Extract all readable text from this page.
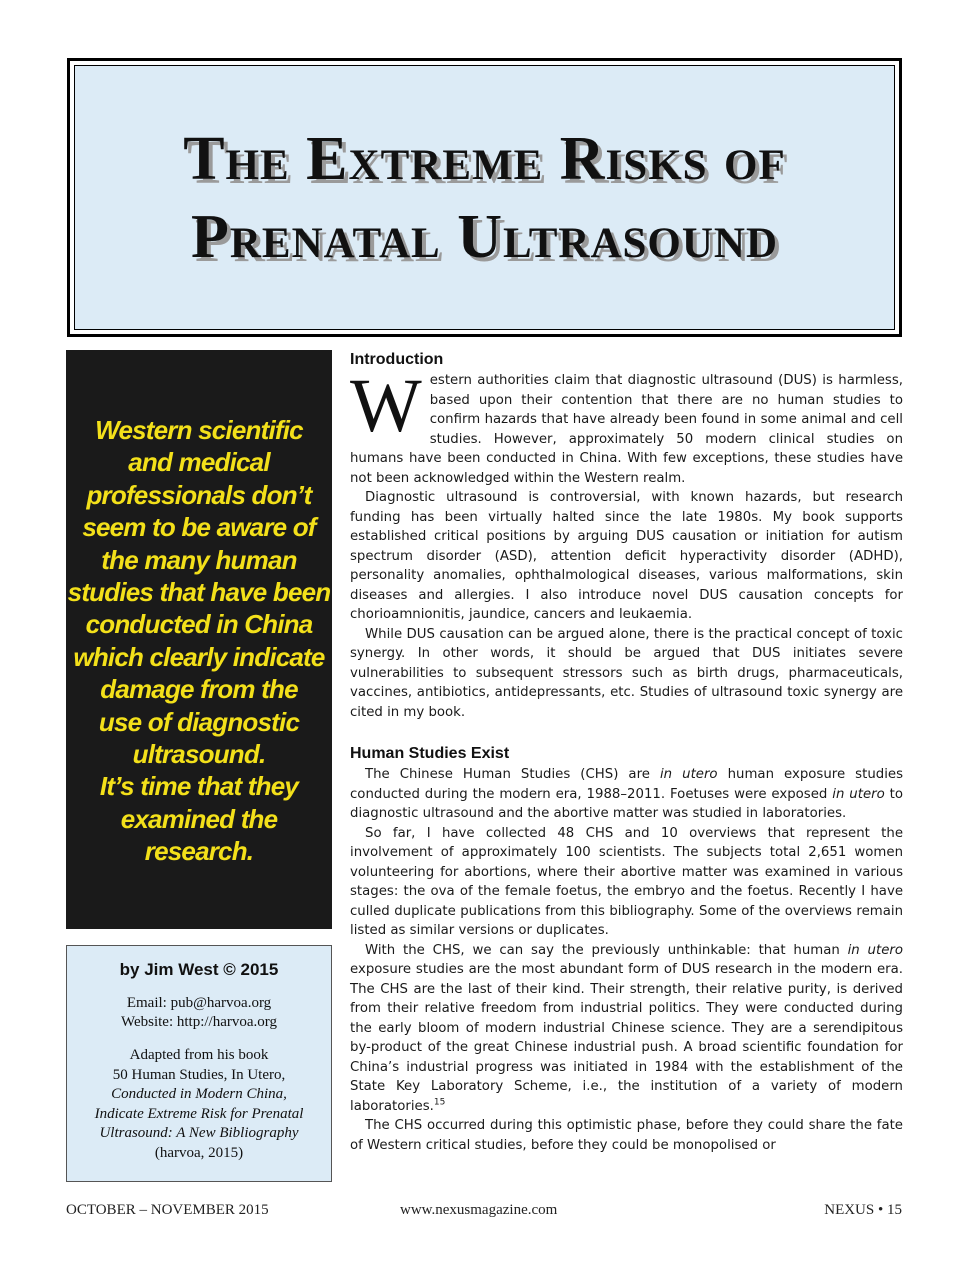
The Extreme Risks of
Prenatal Ultrasound
Western scientific
and medical
professionals don’t
seem to be aware of
the many human
studies that have been
conducted in China
which clearly indicate
damage from the
use of diagnostic
ultrasound.
It’s time that they
examined the
research.
by Jim West © 2015
Email: pub@harvoa.org
Website: http://harvoa.org
Adapted from his book
50 Human Studies, In Utero,
Conducted in Modern China,
Indicate Extreme Risk for Prenatal
Ultrasound: A New Bibliography
(harvoa, 2015)
Introduction

Western authorities claim that diagnostic ultrasound (DUS) is harmless, based upon their contention that there are no human studies to confirm hazards that have already been found in some animal and cell studies. However, approximately 50 modern clinical studies on humans have been conducted in China. With few exceptions, these studies have not been acknowledged within the Western realm.

Diagnostic ultrasound is controversial, with known hazards, but research funding has been virtually halted since the late 1980s. My book supports established critical positions by arguing DUS causation or initiation for autism spectrum disorder (ASD), attention deficit hyperactivity disorder (ADHD), personality anomalies, ophthalmological diseases, various malformations, skin diseases and allergies. I also introduce novel DUS causation concepts for chorioamnionitis, jaundice, cancers and leukaemia.

While DUS causation can be argued alone, there is the practical concept of toxic synergy. In other words, it should be argued that DUS initiates severe vulnerabilities to subsequent stressors such as birth drugs, pharmaceuticals, vaccines, antibiotics, antidepressants, etc. Studies of ultrasound toxic synergy are cited in my book.

Human Studies Exist

The Chinese Human Studies (CHS) are in utero human exposure studies conducted during the modern era, 1988–2011. Foetuses were exposed in utero to diagnostic ultrasound and the abortive matter was studied in laboratories.

So far, I have collected 48 CHS and 10 overviews that represent the involvement of approximately 100 scientists. The subjects total 2,651 women volunteering for abortions, where their abortive matter was examined in various stages: the ova of the female foetus, the embryo and the foetus. Recently I have culled duplicate publications from this bibliography. Some of the overviews remain listed as similar versions or duplicates.

With the CHS, we can say the previously unthinkable: that human in utero exposure studies are the most abundant form of DUS research in the modern era. The CHS are the last of their kind. Their strength, their relative purity, is derived from their relative freedom from industrial politics. They were conducted during the early bloom of modern industrial Chinese science. They are a serendipitous by-product of the great Chinese industrial push. A broad scientific foundation for China’s industrial progress was initiated in 1984 with the establishment of the State Key Laboratory Scheme, i.e., the institution of a variety of modern laboratories.$^{15}$

The CHS occurred during this optimistic phase, before they could share the fate of Western critical studies, before they could be monopolised or

OCTOBER – NOVEMBER 2015	www.nexusmagazine.com	NEXUS • 15
